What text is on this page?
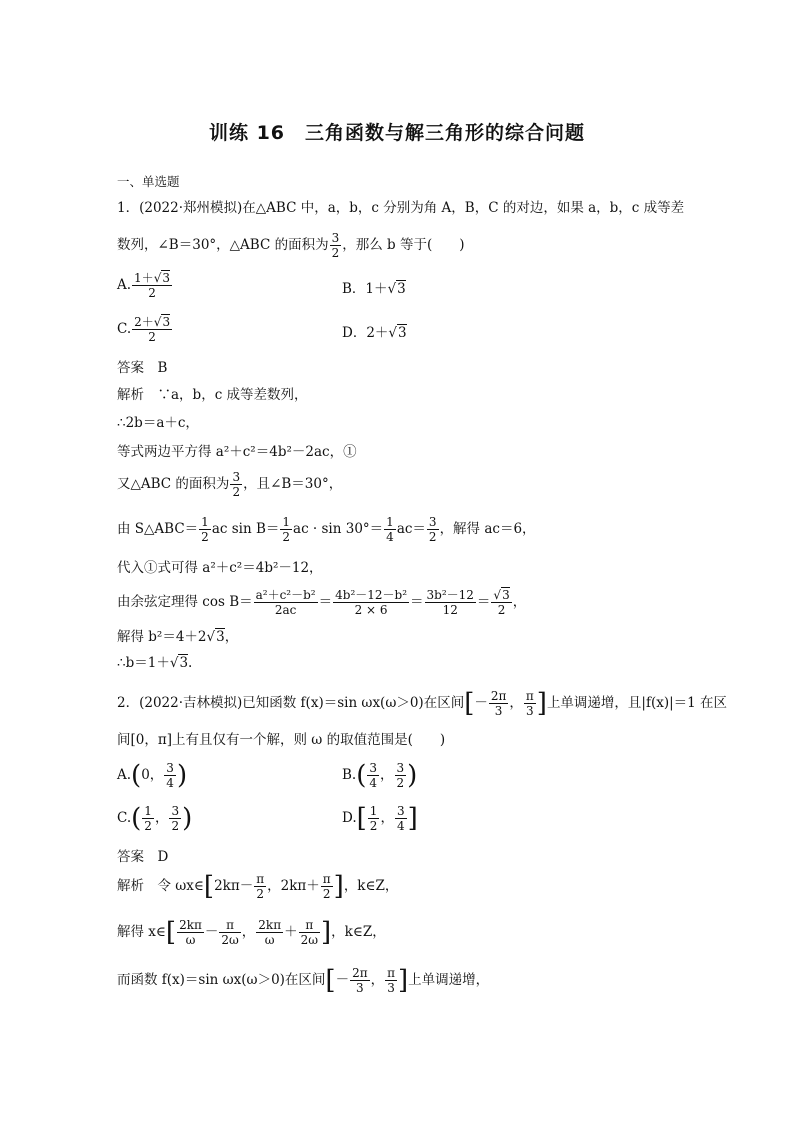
训练 16　三角函数与解三角形的综合问题
一、单选题
1．(2022·郑州模拟)在△ABC 中，a，b，c 分别为角 A，B，C 的对边，如果 a，b，c 成等差
数列，∠B＝30°，△ABC 的面积为 $\frac{3}{2}$ ，那么 b 等于(　　)
A. $\frac{1+√3}{2}$	B．1＋√3
C. $\frac{2+√3}{2}$	D．2＋√3
答案　 B
解析　 ∵a，b，c 成等差数列，
∴2b＝a＋c，
等式两边平方得 a²＋c²＝4b²－2ac，①
又△ABC 的面积为 $\frac{3}{2}$ ，且∠B＝30°，
由 S△ABC＝ $\frac{1}{2}$ ac $\sin B= \frac{1}{2}$ ac · $\sin 30^\circ= \frac{1}{4} ac= \frac{3}{2}$ ，解得 ac＝6，
代入①式可得 a²＋c²＝4b²－12，
由余弦定理得 $\cos B= \frac{\text{a²＋c²－b²}}{2ac} = \frac{\text{4b²－12－b²}}{2 \times 6} = \frac{\text{3b²－12}}{12} = \frac{√3}{2}$ ，
解得 b²＝4＋2√3，
∴b＝1＋√3.
2．(2022·吉林模拟)已知函数 f(x)＝sin ωx(ω＞0)在区间[－ $\frac{2\pi}{3}$ ， $\frac{\pi}{3}$ ]上单调递增，且|f(x)|＝1 在区
间[0，π]上有且仅有一个解，则 ω 的取值范围是(　　)
A.(0， $\frac{3}{4}$ )	$B.( \frac{3}{4}$ ， $\frac{3}{2}$ )
$C.( \frac{1}{2}$ ， $\frac{3}{2}$ )	$D.[ \frac{1}{2}$ ， $\frac{3}{4}$ ]
答案　 D
解析　 令 ωx∈[2kπ－ $\frac{\pi}{2}$ ，$2k\pi+ \frac{\pi}{2}$ ]，k∈Z，
解得 x∈[ $\frac{2k\pi}{\omega} - \frac{\pi}{2\omega}$ ， $\frac{2k\pi}{\omega} + \frac{\pi}{2\omega}$ ]，k∈Z，
而函数 f(x)＝sin ωx(ω＞0)在区间[－ $\frac{2\pi}{3}$ ， $\frac{\pi}{3}$ ]上单调递增，
